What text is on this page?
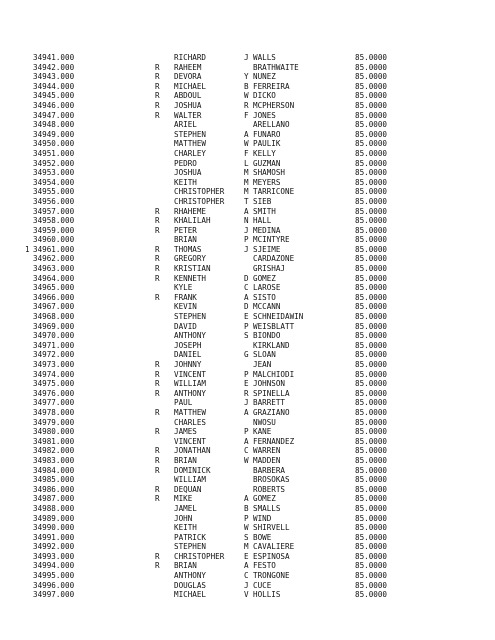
34941.000	RICHARD	J WALLS	85.0000
34942.000	R RAHEEM	BRATHWAITE	85.0000
34943.000	R DEVORA	Y NUNEZ	85.0000
34944.000	R MICHAEL	B FERREIRA	85.0000
34945.000	R ABDOUL	W DICKO	85.0000
34946.000	R JOSHUA	R MCPHERSON	85.0000
34947.000	R WALTER	F JONES	85.0000
34948.000	ARIEL	ARELLANO	85.0000
34949.000	STEPHEN	A FUNARO	85.0000
34950.000	MATTHEW	W PAULIK	85.0000
34951.000	CHARLEY	F KELLY	85.0000
34952.000	PEDRO	L GUZMAN	85.0000
34953.000	JOSHUA	M SHAMOSH	85.0000
34954.000	KEITH	M MEYERS	85.0000
34955.000	CHRISTOPHER	M TARRICONE	85.0000
34956.000	CHRISTOPHER	T SIEB	85.0000
34957.000	R RHAHEME	A SMITH	85.0000
34958.000	R KHALILAH	N HALL	85.0000
34959.000	R PETER	J MEDINA	85.0000
34960.000	BRIAN	P MCINTYRE	85.0000
1 34961.000	R THOMAS	J SJEIME	85.0000
34962.000	R GREGORY	CARDAZONE	85.0000
34963.000	R KRISTIAN	GRISHAJ	85.0000
34964.000	R KENNETH	D GOMEZ	85.0000
34965.000	KYLE	C LAROSE	85.0000
34966.000	R FRANK	A SISTO	85.0000
34967.000	KEVIN	D MCCANN	85.0000
34968.000	STEPHEN	E SCHNEIDAWIN	85.0000
34969.000	DAVID	P WEISBLATT	85.0000
34970.000	ANTHONY	S BIONDO	85.0000
34971.000	JOSEPH	KIRKLAND	85.0000
34972.000	DANIEL	G SLOAN	85.0000
34973.000	R JOHNNY	JEAN	85.0000
34974.000	R VINCENT	P MALCHIODI	85.0000
34975.000	R WILLIAM	E JOHNSON	85.0000
34976.000	R ANTHONY	R SPINELLA	85.0000
34977.000	PAUL	J BARRETT	85.0000
34978.000	R MATTHEW	A GRAZIANO	85.0000
34979.000	CHARLES	NWOSU	85.0000
34980.000	R JAMES	P KANE	85.0000
34981.000	VINCENT	A FERNANDEZ	85.0000
34982.000	R JONATHAN	C WARREN	85.0000
34983.000	R BRIAN	W MADDEN	85.0000
34984.000	R DOMINICK	BARBERA	85.0000
34985.000	WILLIAM	BROSOKAS	85.0000
34986.000	R DEQUAN	ROBERTS	85.0000
34987.000	R MIKE	A GOMEZ	85.0000
34988.000	JAMEL	B SMALLS	85.0000
34989.000	JOHN	P WIND	85.0000
34990.000	KEITH	W SHIRVELL	85.0000
34991.000	PATRICK	S BOWE	85.0000
34992.000	STEPHEN	M CAVALIERE	85.0000
34993.000	R CHRISTOPHER	E ESPINOSA	85.0000
34994.000	R BRIAN	A FESTO	85.0000
34995.000	ANTHONY	C TRONGONE	85.0000
34996.000	DOUGLAS	J CUCE	85.0000
34997.000	MICHAEL	V HOLLIS	85.0000
